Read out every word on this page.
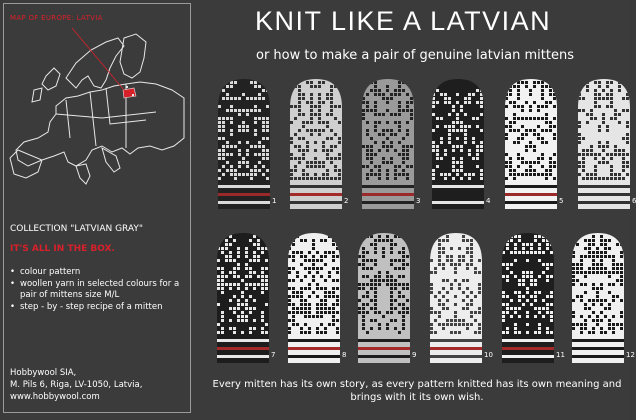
MAP OF EUROPE: LATVIA
COLLECTION "LATVIAN GRAY"
IT'S ALL IN THE BOX.
• colour pattern
• woollen yarn in selected colours for a pair of mittens size M/L
• step - by - step recipe of a mitten
Hobbywool SIA,
M. Pils 6, Riga, LV-1050, Latvia,
www.hobbywool.com
KNIT LIKE A LATVIAN
or how to make a pair of genuine latvian mittens
1	2	3	4	5	6
7	8	9	10	11	12
Every mitten has its own story, as every pattern knitted has its own meaning and brings with it its own wish.
